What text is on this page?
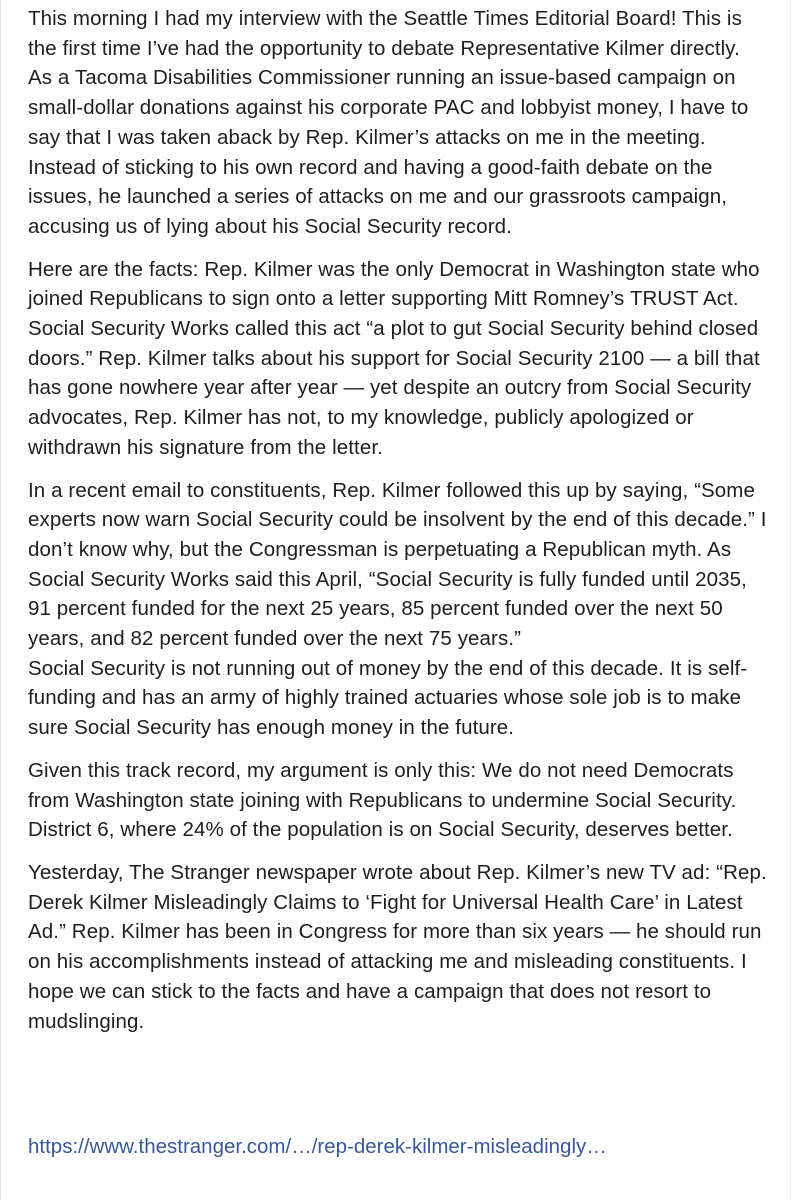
This morning I had my interview with the Seattle Times Editorial Board! This is the first time I’ve had the opportunity to debate Representative Kilmer directly. As a Tacoma Disabilities Commissioner running an issue-based campaign on small-dollar donations against his corporate PAC and lobbyist money, I have to say that I was taken aback by Rep. Kilmer’s attacks on me in the meeting. Instead of sticking to his own record and having a good-faith debate on the issues, he launched a series of attacks on me and our grassroots campaign, accusing us of lying about his Social Security record.

Here are the facts: Rep. Kilmer was the only Democrat in Washington state who joined Republicans to sign onto a letter supporting Mitt Romney’s TRUST Act. Social Security Works called this act “a plot to gut Social Security behind closed doors.” Rep. Kilmer talks about his support for Social Security 2100 — a bill that has gone nowhere year after year — yet despite an outcry from Social Security advocates, Rep. Kilmer has not, to my knowledge, publicly apologized or withdrawn his signature from the letter.

In a recent email to constituents, Rep. Kilmer followed this up by saying, “Some experts now warn Social Security could be insolvent by the end of this decade.” I don’t know why, but the Congressman is perpetuating a Republican myth. As Social Security Works said this April, “Social Security is fully funded until 2035, 91 percent funded for the next 25 years, 85 percent funded over the next 50 years, and 82 percent funded over the next 75 years.”

Social Security is not running out of money by the end of this decade. It is self-funding and has an army of highly trained actuaries whose sole job is to make sure Social Security has enough money in the future.

Given this track record, my argument is only this: We do not need Democrats from Washington state joining with Republicans to undermine Social Security. District 6, where 24% of the population is on Social Security, deserves better.

Yesterday, The Stranger newspaper wrote about Rep. Kilmer’s new TV ad: “Rep. Derek Kilmer Misleadingly Claims to ‘Fight for Universal Health Care’ in Latest Ad.” Rep. Kilmer has been in Congress for more than six years — he should run on his accomplishments instead of attacking me and misleading constituents. I hope we can stick to the facts and have a campaign that does not resort to mudslinging.

https://www.thestranger.com/…/rep-derek-kilmer-misleadingly…
